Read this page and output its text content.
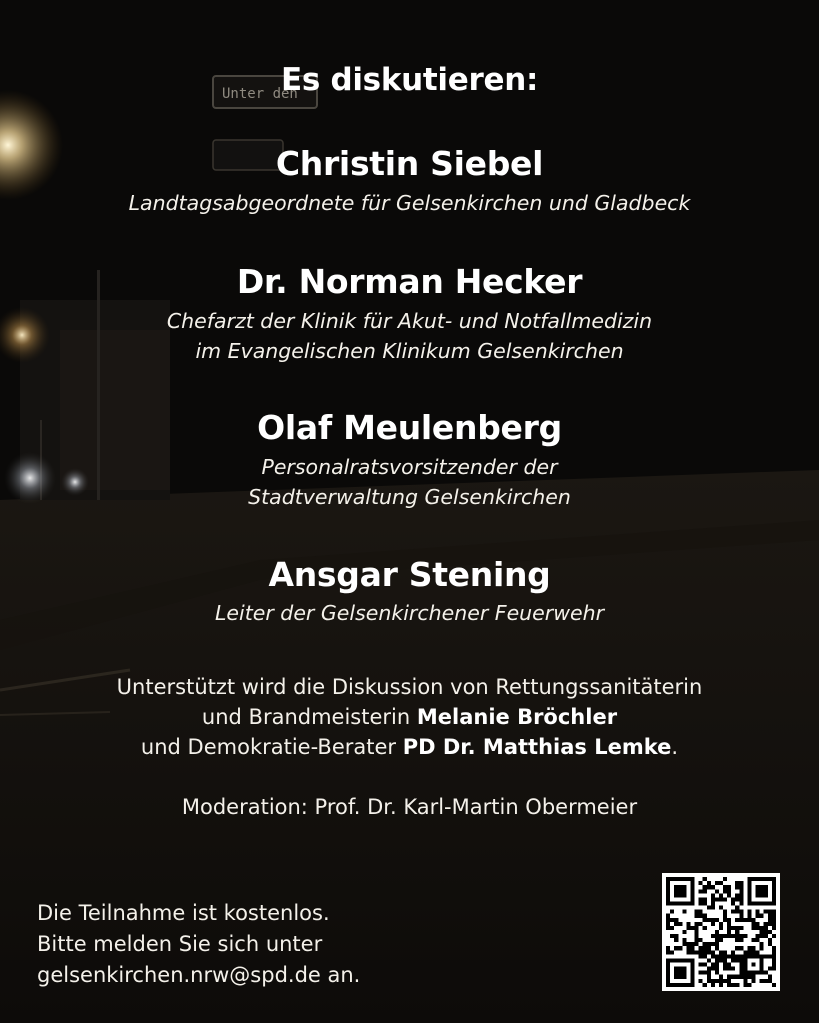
Unter den
Es diskutieren:
Christin Siebel
Landtagsabgeordnete für Gelsenkirchen und Gladbeck
Dr. Norman Hecker
Chefarzt der Klinik für Akut- und Notfallmedizin
im Evangelischen Klinikum Gelsenkirchen
Olaf Meulenberg
Personalratsvorsitzender der
Stadtverwaltung Gelsenkirchen
Ansgar Stening
Leiter der Gelsenkirchener Feuerwehr
Unterstützt wird die Diskussion von Rettungssanitäterin
und Brandmeisterin Melanie Bröchler
und Demokratie-Berater PD Dr. Matthias Lemke.
Moderation: Prof. Dr. Karl-Martin Obermeier
Die Teilnahme ist kostenlos.
Bitte melden Sie sich unter
gelsenkirchen.nrw@spd.de an.
